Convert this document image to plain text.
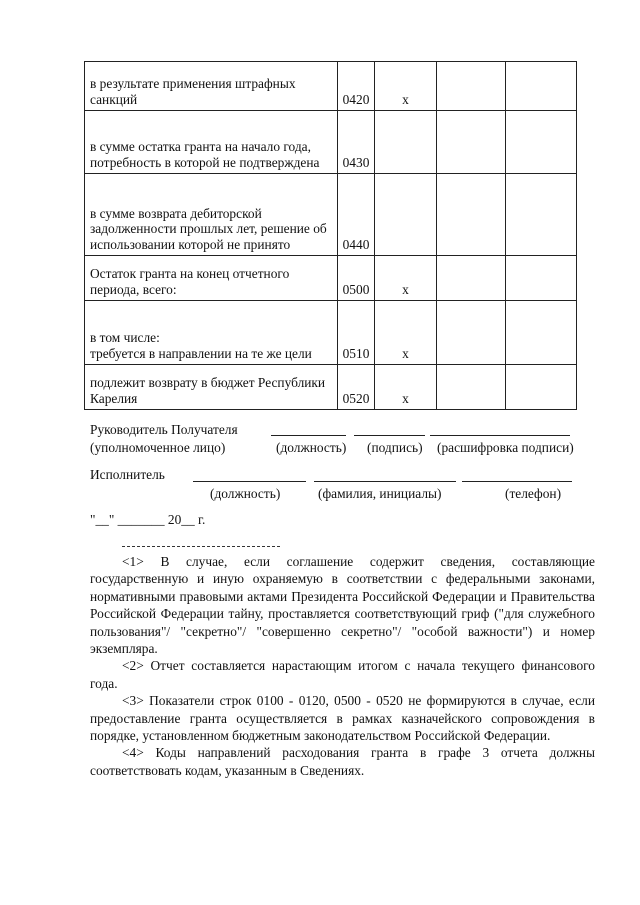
в результате применения штрафных санкций	0420	x		
в сумме остатка гранта на начало года, потребность в которой не подтверждена	0430			
в сумме возврата дебиторской задолженности прошлых лет, решение об использовании которой не принято	0440			
Остаток гранта на конец отчетного периода, всего:	0500	x		
в том числе:
требуется в направлении на те же цели	0510	x		
подлежит возврату в бюджет Республики Карелия	0520	x		
Руководитель Получателя
(уполномоченное лицо)	(должность) (подпись) (расшифровка подписи)
Исполнитель
(должность)	(фамилия, инициалы)	(телефон)
"__" _______ 20__ г.

<1> В случае, если соглашение содержит сведения, составляющие государственную и иную охраняемую в соответствии с федеральными законами, нормативными правовыми актами Президента Российской Федерации и Правительства Российской Федерации тайну, проставляется соответствующий гриф ("для служебного пользования"/ "секретно"/ "совершенно секретно"/ "особой важности") и номер экземпляра.

<2> Отчет составляется нарастающим итогом с начала текущего финансового года.

<3> Показатели строк 0100 - 0120, 0500 - 0520 не формируются в случае, если предоставление гранта осуществляется в рамках казначейского сопровождения в порядке, установленном бюджетным законодательством Российской Федерации.

<4> Коды направлений расходования гранта в графе 3 отчета должны соответствовать кодам, указанным в Сведениях.
